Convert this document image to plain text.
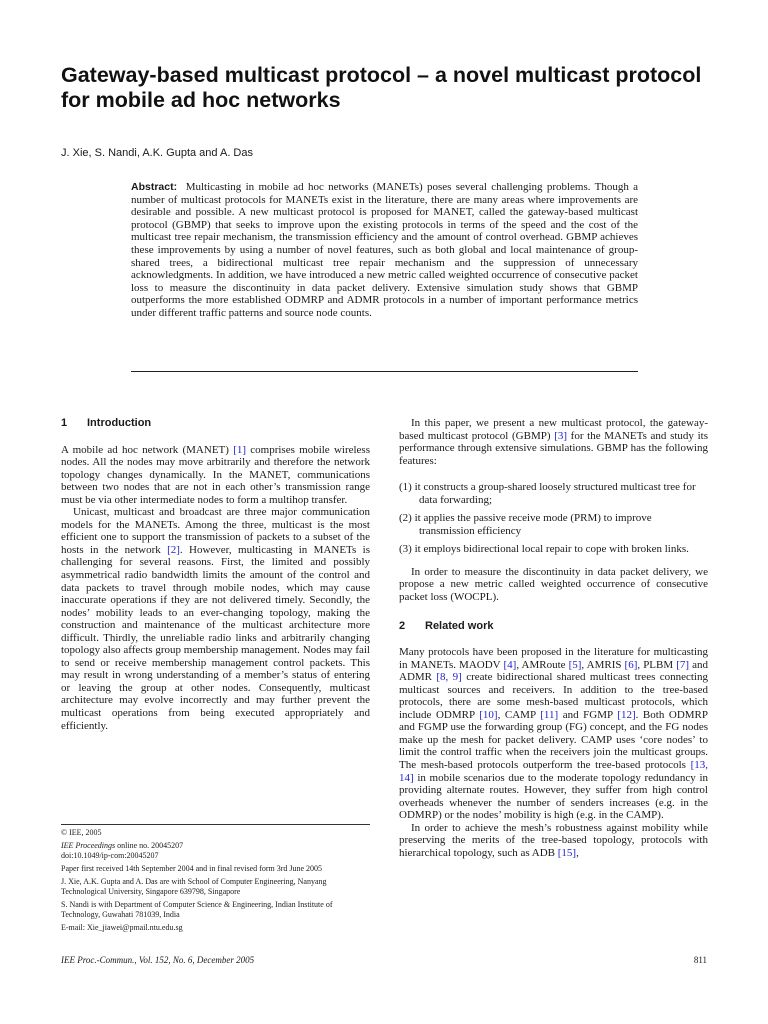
Gateway-based multicast protocol – a novel multicast protocol for mobile ad hoc networks

J. Xie, S. Nandi, A.K. Gupta and A. Das

Abstract: Multicasting in mobile ad hoc networks (MANETs) poses several challenging problems. Though a number of multicast protocols for MANETs exist in the literature, there are many areas where improvements are desirable and possible. A new multicast protocol is proposed for MANET, called the gateway-based multicast protocol (GBMP) that seeks to improve upon the existing protocols in terms of the speed and the cost of the multicast tree repair mechanism, the transmission efficiency and the amount of control overhead. GBMP achieves these improvements by using a number of novel features, such as both global and local maintenance of group-shared trees, a bidirectional multicast tree repair mechanism and the suppression of unnecessary acknowledgments. In addition, we have introduced a new metric called weighted occurrence of consecutive packet loss to measure the discontinuity in data packet delivery. Extensive simulation study shows that GBMP outperforms the more established ODMRP and ADMR protocols in a number of important performance metrics under different traffic patterns and source node counts.

1 Introduction

A mobile ad hoc network (MANET) [1] comprises mobile wireless nodes. All the nodes may move arbitrarily and therefore the network topology changes dynamically. In the MANET, communications between two nodes that are not in each other’s transmission range must be via other intermediate nodes to form a multihop transfer.

Unicast, multicast and broadcast are three major communication models for the MANETs. Among the three, multicast is the most efficient one to support the transmission of packets to a subset of the hosts in the network [2]. However, multicasting in MANETs is challenging for several reasons. First, the limited and possibly asymmetrical radio bandwidth limits the amount of the control and data packets to travel through mobile nodes, which may cause inaccurate operations if they are not delivered timely. Secondly, the nodes’ mobility leads to an ever-changing topology, making the construction and maintenance of the multicast architecture more difficult. Thirdly, the unreliable radio links and arbitrarily changing topology also affects group membership management. Nodes may fail to send or receive membership management control packets. This may result in wrong understanding of a member’s status of entering or leaving the group at other nodes. Consequently, multicast architecture may evolve incorrectly and may further prevent the multicast operations from being executed appropriately and efficiently.

In this paper, we present a new multicast protocol, the gateway-based multicast protocol (GBMP) [3] for the MANETs and study its performance through extensive simulations. GBMP has the following features:

(1) it constructs a group-shared loosely structured multicast tree for data forwarding;
(2) it applies the passive receive mode (PRM) to improve transmission efficiency
(3) it employs bidirectional local repair to cope with broken links.

In order to measure the discontinuity in data packet delivery, we propose a new metric called weighted occurrence of consecutive packet loss (WOCPL).

2 Related work

Many protocols have been proposed in the literature for multicasting in MANETs. MAODV [4], AMRoute [5], AMRIS [6], PLBM [7] and ADMR [8, 9] create bidirectional shared multicast trees connecting multicast sources and receivers. In addition to the tree-based protocols, there are some mesh-based multicast protocols, which include ODMRP [10], CAMP [11] and FGMP [12]. Both ODMRP and FGMP use the forwarding group (FG) concept, and the FG nodes make up the mesh for packet delivery. CAMP uses ‘core nodes’ to limit the control traffic when the receivers join the multicast groups. The mesh-based protocols outperform the tree-based protocols [13, 14] in mobile scenarios due to the moderate topology redundancy in providing alternate routes. However, they suffer from high control overheads whenever the number of senders increases (e.g. in the ODMRP) or the nodes’ mobility is high (e.g. in the CAMP).

In order to achieve the mesh’s robustness against mobility while preserving the merits of the tree-based topology, protocols with hierarchical topology, such as ADB [15],

© IEE, 2005

IEE Proceedings online no. 20045207

doi:10.1049/ip-com:20045207

Paper first received 14th September 2004 and in final revised form 3rd June 2005

J. Xie, A.K. Gupta and A. Das are with School of Computer Engineering, Nanyang Technological University, Singapore 639798, Singapore

S. Nandi is with Department of Computer Science & Engineering, Indian Institute of Technology, Guwahati 781039, India

E-mail: Xie_jiawei@pmail.ntu.edu.sg

IEE Proc.-Commun., Vol. 152, No. 6, December 2005	811
